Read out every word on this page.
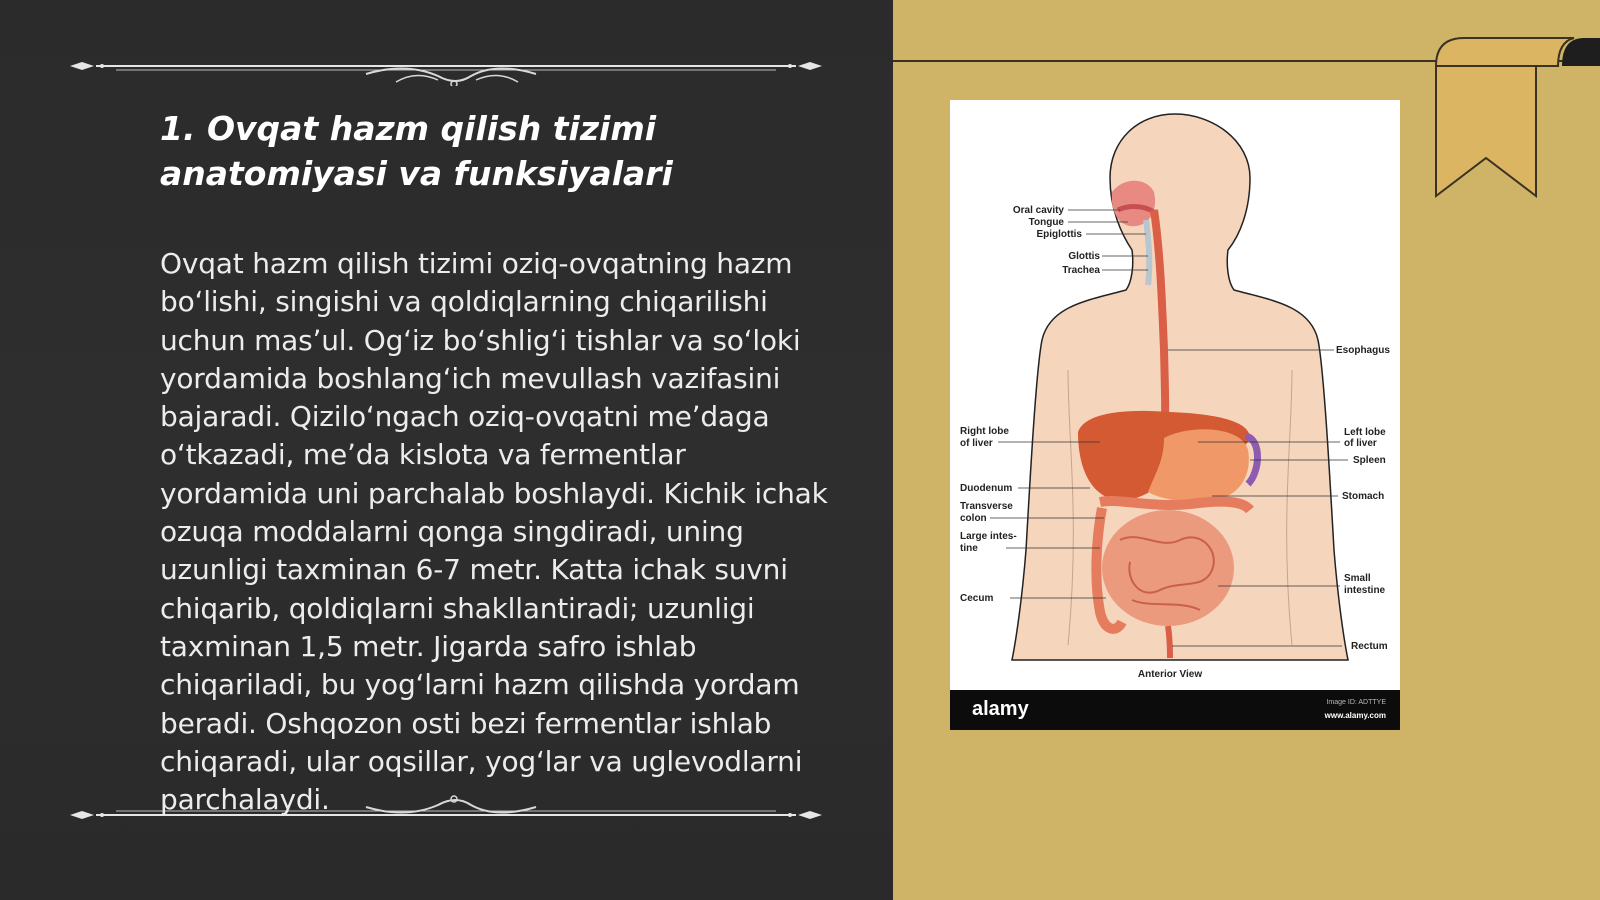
1. Ovqat hazm qilish tizimi anatomiyasi va funksiyalari

Ovqat hazm qilish tizimi oziq-ovqatning hazm boʻlishi, singishi va qoldiqlarning chiqarilishi uchun masʼul. Ogʻiz boʻshligʻi tishlar va soʻloki yordamida boshlangʻich mevullash vazifasini bajaradi. Qiziloʻngach oziq-ovqatni meʼdaga oʻtkazadi, meʼda kislota va fermentlar yordamida uni parchalab boshlaydi. Kichik ichak ozuqa moddalarni qonga singdiradi, uning uzunligi taxminan 6-7 metr. Katta ichak suvni chiqarib, qoldiqlarni shakllantiradi; uzunligi taxminan 1,5 metr. Jigarda safro ishlab chiqariladi, bu yogʻlarni hazm qilishda yordam beradi. Oshqozon osti bezi fermentlar ishlab chiqaradi, ular oqsillar, yogʻlar va uglevodlarni parchalaydi.

Oral cavity
Tongue
Epiglottis
Glottis
Trachea
Esophagus
Right lobe
of liver
Left lobe
of liver
Spleen
Duodenum
Transverse
colon
Stomach
Large intes-
tine
Small
intestine
Cecum
Rectum
Anterior View
alamy	Image ID: ADTTYE
www.alamy.com
